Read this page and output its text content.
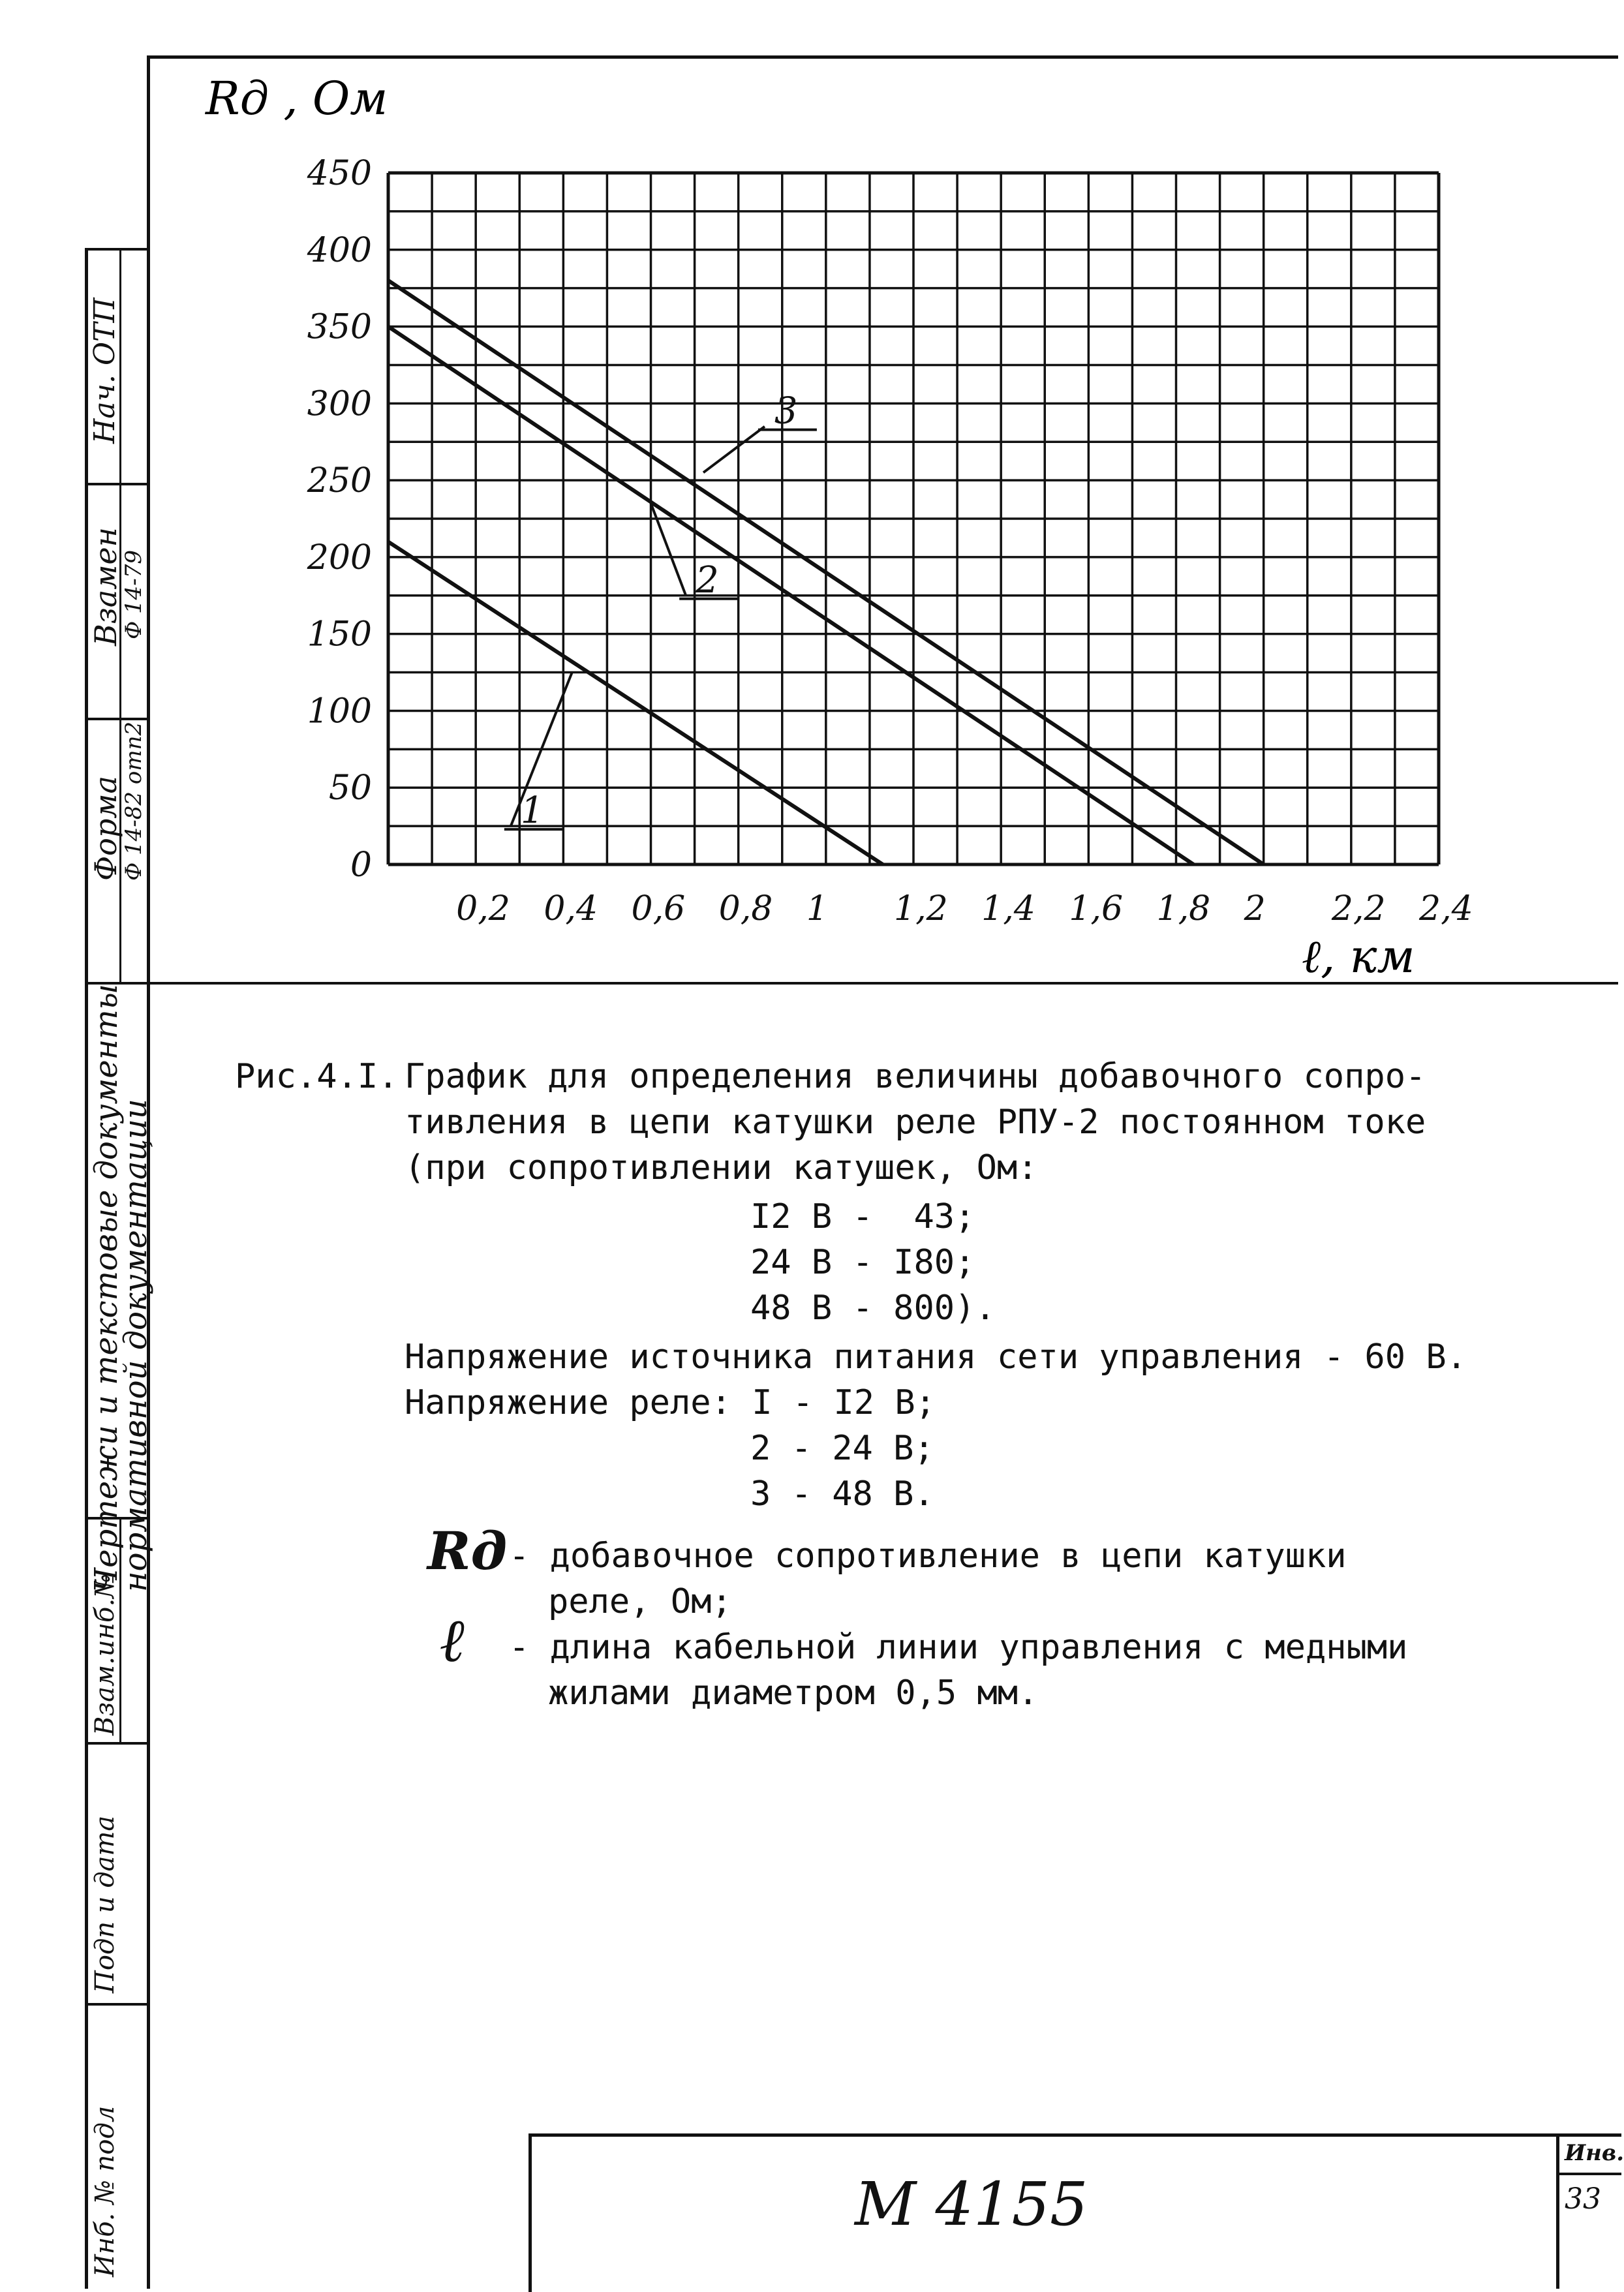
Форма
Ф 14-82 отп2
Взамен
Ф 14-79
Нач. ОТП
Чертежи и текстовые документы
нормативной документации
Инб. № подл
Подп и дата
Взам.инб.№
0,2 0,4 0,6 0,8 1 1,2 1,4 1,6 1,8 2 2,2 2,4
0
50
100
150
200
250
300
350
400
450
1
2
3
Rд , Ом
ℓ, км
Рис.4.I. График для определения величины добавочного сопро-
тивления в цепи катушки реле РПУ-2 постоянном токе
(при сопротивлении катушек, Ом:
I2 В -  43;
24 В - I80;
48 В - 800).
Напряжение источника питания сети управления - 60 В.
Напряжение реле: I - I2 В;
2 - 24 В;
3 - 48 В.
Rд - добавочное сопротивление в цепи катушки
реле, Ом;
ℓ - длина кабельной линии управления с медными
жилами диаметром 0,5 мм.
М 4155
Инв.
33
